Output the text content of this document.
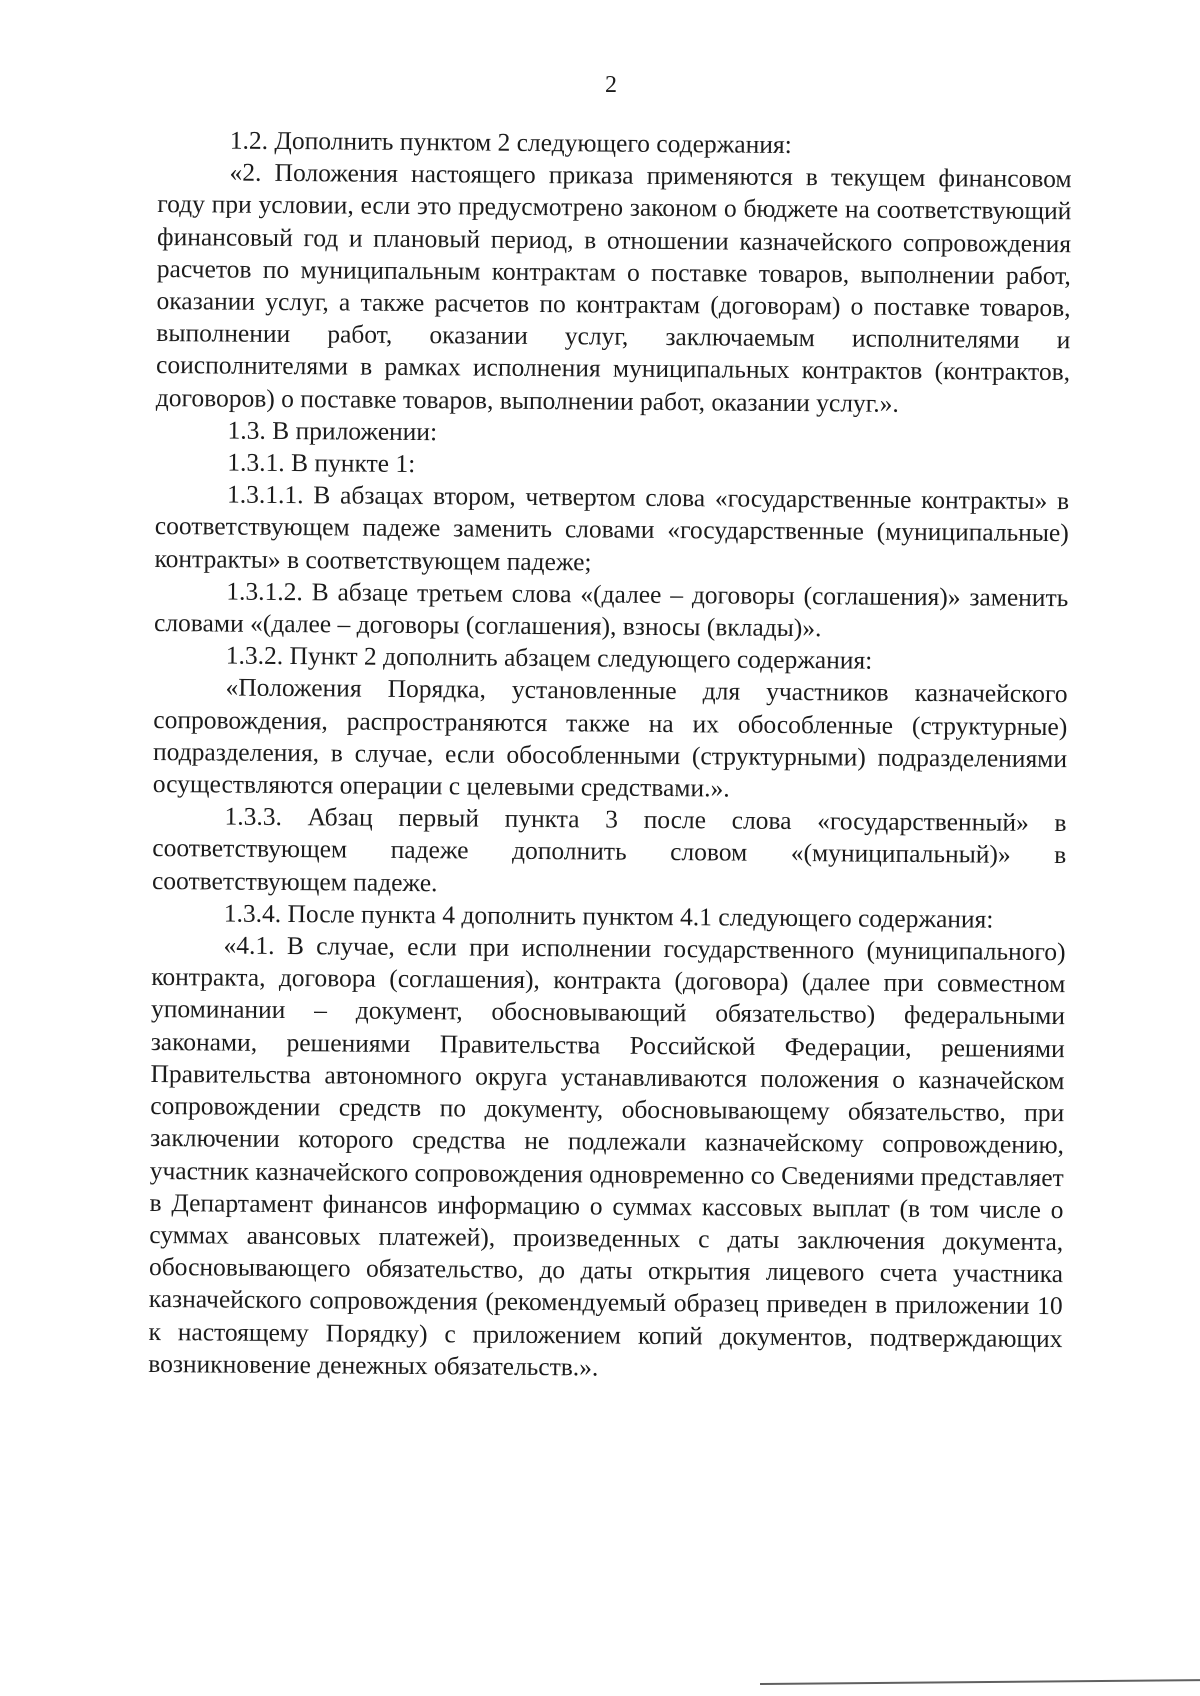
2

1.2. Дополнить пунктом 2 следующего содержания:

«2. Положения настоящего приказа применяются в текущем финансовом году при условии, если это предусмотрено законом о бюджете на соответствующий финансовый год и плановый период, в отношении казначейского сопровождения расчетов по муниципальным контрактам о поставке товаров, выполнении работ, оказании услуг, а также расчетов по контрактам (договорам) о поставке товаров, выполнении работ, оказании услуг, заключаемым исполнителями и соисполнителями в рамках исполнения муниципальных контрактов (контрактов, договоров) о поставке товаров, выполнении работ, оказании услуг.».

1.3. В приложении:

1.3.1. В пункте 1:

1.3.1.1. В абзацах втором, четвертом слова «государственные контракты» в соответствующем падеже заменить словами «государственные (муниципальные) контракты» в соответствующем падеже;

1.3.1.2. В абзаце третьем слова «(далее – договоры (соглашения)» заменить словами «(далее – договоры (соглашения), взносы (вклады)».

1.3.2. Пункт 2 дополнить абзацем следующего содержания:

«Положения Порядка, установленные для участников казначейского сопровождения, распространяются также на их обособленные (структурные) подразделения, в случае, если обособленными (структурными) подразделениями осуществляются операции с целевыми средствами.».

1.3.3. Абзац первый пункта 3 после слова «государственный» в соответствующем падеже дополнить словом «(муниципальный)» в соответствующем падеже.

1.3.4. После пункта 4 дополнить пунктом 4.1 следующего содержания:

«4.1. В случае, если при исполнении государственного (муниципального) контракта, договора (соглашения), контракта (договора) (далее при совместном упоминании – документ, обосновывающий обязательство) федеральными законами, решениями Правительства Российской Федерации, решениями Правительства автономного округа устанавливаются положения о казначейском сопровождении средств по документу, обосновывающему обязательство, при заключении которого средства не подлежали казначейскому сопровождению, участник казначейского сопровождения одновременно со Сведениями представляет в Департамент финансов информацию о суммах кассовых выплат (в том числе о суммах авансовых платежей), произведенных с даты заключения документа, обосновывающего обязательство, до даты открытия лицевого счета участника казначейского сопровождения (рекомендуемый образец приведен в приложении 10 к настоящему Порядку) с приложением копий документов, подтверждающих возникновение денежных обязательств.».
